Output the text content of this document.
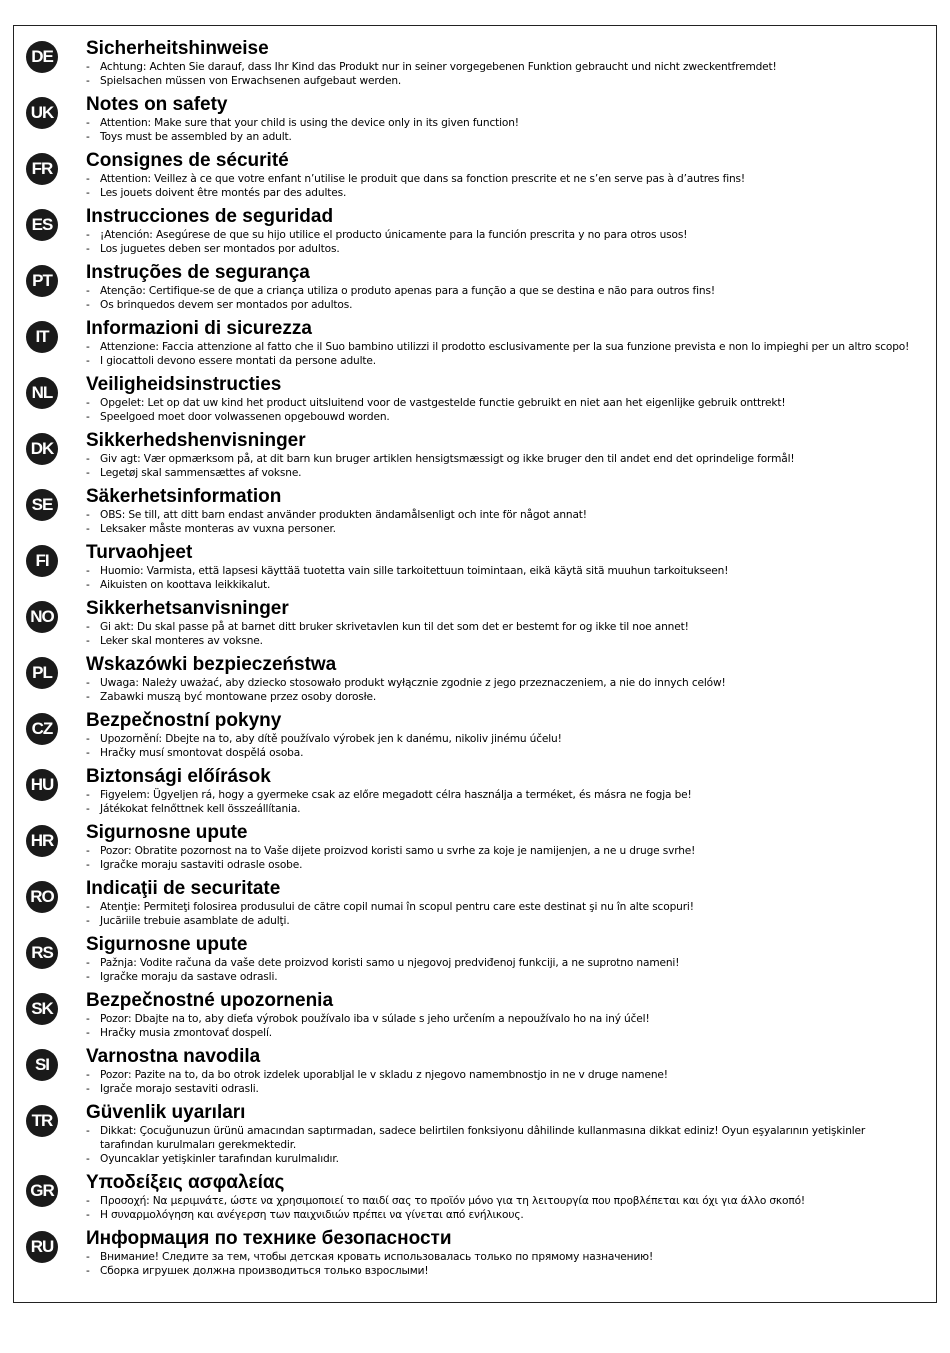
DE Sicherheitshinweise
- Achtung: Achten Sie darauf, dass Ihr Kind das Produkt nur in seiner vorgegebenen Funktion gebraucht und nicht zweckentfremdet!
- Spielsachen müssen von Erwachsenen aufgebaut werden.
UK Notes on safety
- Attention: Make sure that your child is using the device only in its given function!
- Toys must be assembled by an adult.
FR Consignes de sécurité
- Attention: Veillez à ce que votre enfant n’utilise le produit que dans sa fonction prescrite et ne s’en serve pas à d’autres fins!
- Les jouets doivent être montés par des adultes.
ES Instrucciones de seguridad
- ¡Atención: Asegúrese de que su hijo utilice el producto únicamente para la función prescrita y no para otros usos!
- Los juguetes deben ser montados por adultos.
PT	Instruções de segurança
- Atenção: Certifique-se de que a criança utiliza o produto apenas para a função a que se destina e não para outros fins!
- Os brinquedos devem ser montados por adultos.
IT	Informazioni di sicurezza
- Attenzione: Faccia attenzione al fatto che il Suo bambino utilizzi il prodotto esclusivamente per la sua funzione prevista e non lo impieghi per un altro scopo!
- I giocattoli devono essere montati da persone adulte.
NL Veiligheidsinstructies
- Opgelet: Let op dat uw kind het product uitsluitend voor de vastgestelde functie gebruikt en niet aan het eigenlijke gebruik onttrekt!
- Speelgoed moet door volwassenen opgebouwd worden.
DK Sikkerhedshenvisninger
- Giv agt: Vær opmærksom på, at dit barn kun bruger artiklen hensigtsmæssigt og ikke bruger den til andet end det oprindelige formål!
- Legetøj skal sammensættes af voksne.
SE Säkerhetsinformation
- OBS: Se till, att ditt barn endast använder produkten ändamålsenligt och inte för något annat!
- Leksaker måste monteras av vuxna personer.
FI	Turvaohjeet
- Huomio: Varmista, että lapsesi käyttää tuotetta vain sille tarkoitettuun toimintaan, eikä käytä sitä muuhun tarkoitukseen!
- Aikuisten on koottava leikkikalut.
NO Sikkerhetsanvisninger
- Gi akt: Du skal passe på at barnet ditt bruker skrivetavlen kun til det som det er bestemt for og ikke til noe annet!
- Leker skal monteres av voksne.
PL	Wskazówki bezpieczeństwa
- Uwaga: Należy uważać, aby dziecko stosowało produkt wyłącznie zgodnie z jego przeznaczeniem, a nie do innych celów!
- Zabawki muszą być montowane przez osoby dorosłe.
CZ Bezpečnostní pokyny
- Upozornění: Dbejte na to, aby dítě používalo výrobek jen k danému, nikoliv jinému účelu!
- Hračky musí smontovat dospělá osoba.
HU Biztonsági előírások
- Figyelem: Ügyeljen rá, hogy a gyermeke csak az előre megadott célra használja a terméket, és másra ne fogja be!
- Játékokat felnőttnek kell összeállítania.
HR Sigurnosne upute
- Pozor: Obratite pozornost na to Vaše dijete proizvod koristi samo u svrhe za koje je namijenjen, a ne u druge svrhe!
- Igračke moraju sastaviti odrasle osobe.
RO Indicaţii de securitate
- Atenţie: Permiteţi folosirea produsului de către copil numai în scopul pentru care este destinat şi nu în alte scopuri!
- Jucăriile trebuie asamblate de adulţi.
RS Sigurnosne upute
- Pažnja: Vodite računa da vaše dete proizvod koristi samo u njegovoj predviđenoj funkciji, a ne suprotno nameni!
- Igračke moraju da sastave odrasli.
SK Bezpečnostné upozornenia
- Pozor: Dbajte na to, aby dieťa výrobok používalo iba v súlade s jeho určením a nepoužívalo ho na iný účel!
- Hračky musia zmontovať dospelí.
SI	Varnostna navodila
- Pozor: Pazite na to, da bo otrok izdelek uporabljal le v skladu z njegovo namembnostjo in ne v druge namene!
- Igrače morajo sestaviti odrasli.
TR Güvenlik uyarıları
- Dikkat: Çocuğunuzun ürünü amacından saptırmadan, sadece belirtilen fonksiyonu dâhilinde kullanmasına dikkat ediniz! Oyun eşyalarının yetişkinler tarafından kurulmaları gerekmektedir.
- Oyuncaklar yetişkinler tarafından kurulmalıdır.
GR Υποδείξεις ασφαλείας
- Προσοχή: Να μεριμνάτε, ώστε να χρησιμοποιεί το παιδί σας το προϊόν μόνο για τη λειτουργία που προβλέπεται και όχι για άλλο σκοπό!
- Η συναρμολόγηση και ανέγερση των παιχνιδιών πρέπει να γίνεται από ενήλικους.
RU Информация по технике безопасности
- Внимание! Следите за тем, чтобы детская кровать использовалась только по прямому назначению!
- Сборка игрушек должна производиться только взрослыми!
